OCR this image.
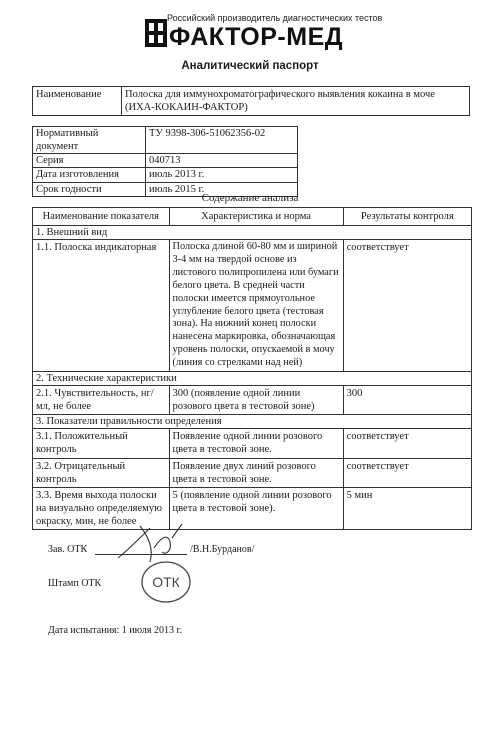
Российский производитель диагностических тестов
ФАКТОР-МЕД
Аналитический паспорт
Наименование	Полоска для иммунохроматографического выявления кокаина в моче (ИХА-КОКАИН-ФАКТОР)
Нормативный документ	ТУ 9398-306-51062356-02
Серия	040713
Дата изготовления	июль 2013 г.
Срок годности	июль 2015 г.
Содержание анализа
Наименование показателя	Характеристика и норма	Результаты контроля
1. Внешний вид		
1.1. Полоска индикаторная	Полоска длиной 60-80 мм и шириной 3-4 мм на твердой основе из листового полипропилена или бумаги белого цвета. В средней части полоски имеется прямоугольное углубление белого цвета (тестовая зона). На нижний конец полоски нанесена маркировка, обозначающая уровень полоски, опускаемой в мочу (линия со стрелками над ней)	соответствует
2. Технические характеристики		
2.1. Чувствительность, нг/мл, не более	300 (появление одной линии розового цвета в тестовой зоне)	300
3. Показатели правильности определения		
3.1. Положительный контроль	Появление одной линии розового цвета в тестовой зоне.	соответствует
3.2. Отрицательный контроль	Появление двух линий розового цвета в тестовой зоне.	соответствует
3.3. Время выхода полоски на визуально определяемую окраску, мин, не более	5 (появление одной линии розового цвета в тестовой зоне).	5 мин
Зав. ОТК	/В.Н.Бурданов/
Штамп ОТК	ОТК
Дата испытания: 1 июля 2013 г.
